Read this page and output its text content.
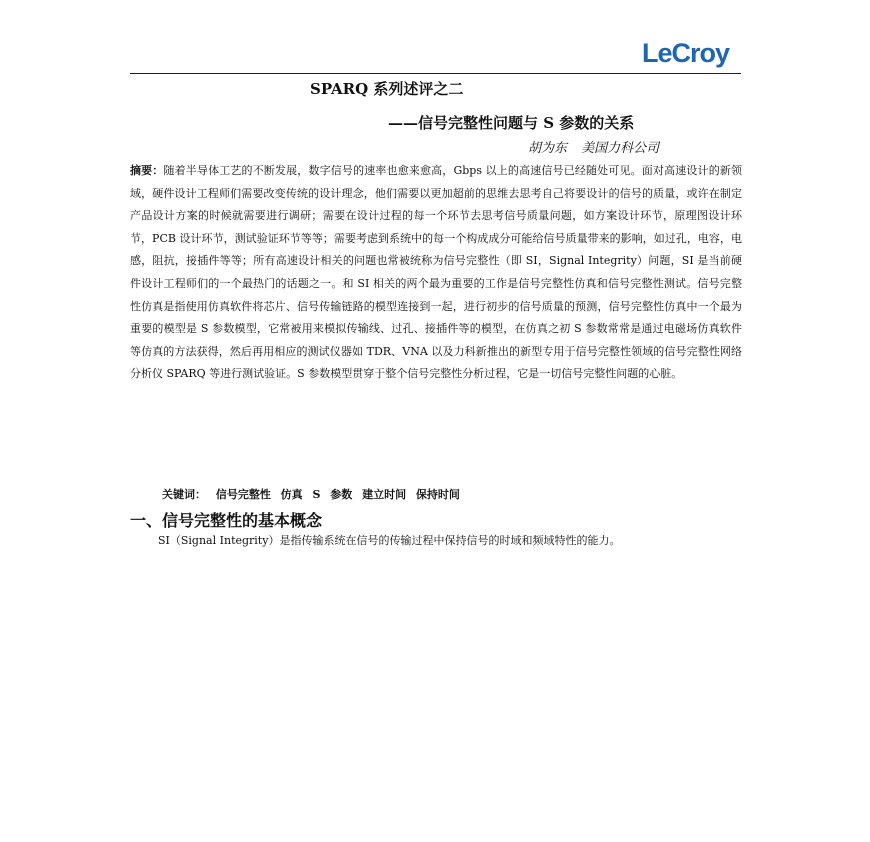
LeCroy
SPARQ 系列述评之二
——信号完整性问题与 S 参数的关系
胡为东 美国力科公司
摘要：随着半导体工艺的不断发展，数字信号的速率也愈来愈高，Gbps 以上的高速信号已经随处可见。面对高速设计的新领域，硬件设计工程师们需要改变传统的设计理念，他们需要以更加超前的思维去思考自己将要设计的信号的质量，或许在制定产品设计方案的时候就需要进行调研；需要在设计过程的每一个环节去思考信号质量问题，如方案设计环节，原理图设计环节，PCB 设计环节，测试验证环节等等；需要考虑到系统中的每一个构成成分可能给信号质量带来的影响，如过孔，电容，电感，阻抗，接插件等等；所有高速设计相关的问题也常被统称为信号完整性（即 SI，Signal Integrity）问题，SI 是当前硬件设计工程师们的一个最热门的话题之一。和 SI 相关的两个最为重要的工作是信号完整性仿真和信号完整性测试。信号完整性仿真是指使用仿真软件将芯片、信号传输链路的模型连接到一起，进行初步的信号质量的预测，信号完整性仿真中一个最为重要的模型是 S 参数模型，它常被用来模拟传输线、过孔、接插件等的模型，在仿真之初 S 参数常常是通过电磁场仿真软件等仿真的方法获得，然后再用相应的测试仪器如 TDR、VNA 以及力科新推出的新型专用于信号完整性领域的信号完整性网络分析仪 SPARQ 等进行测试验证。S 参数模型贯穿于整个信号完整性分析过程，它是一切信号完整性问题的心脏。
关键词： 信号完整性 仿真 S 参数 建立时间 保持时间
一、信号完整性的基本概念
SI（Signal Integrity）是指传输系统在信号的传输过程中保持信号的时域和频域特性的能力。
